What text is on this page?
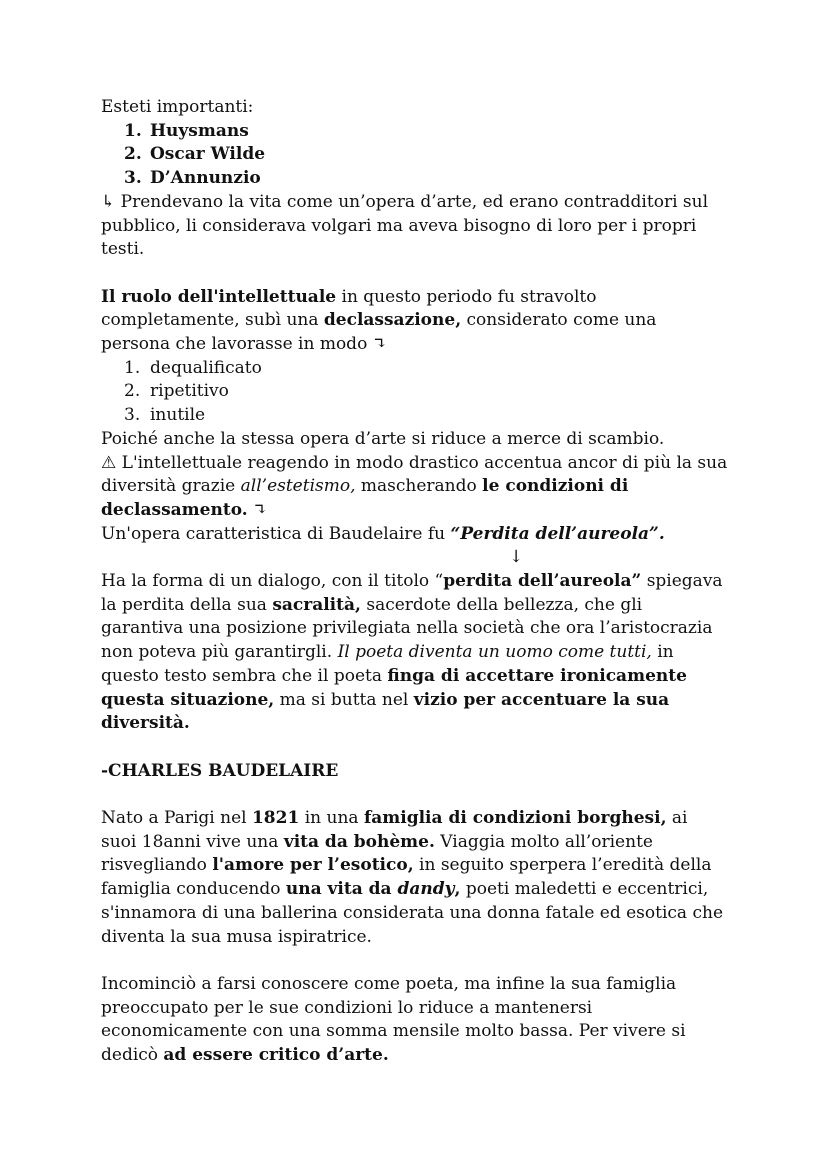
Esteti importanti:

1. Huysmans
2. Oscar Wilde
3. D’Annunzio

↳ Prendevano la vita come un’opera d’arte, ed erano contradditori sul pubblico, li considerava volgari ma aveva bisogno di loro per i propri testi.

Il ruolo dell'intellettuale in questo periodo fu stravolto completamente, subì una declassazione, considerato come una persona che lavorasse in modo ↴

1. dequalificato
2. ripetitivo
3. inutile

Poiché anche la stessa opera d’arte si riduce a merce di scambio.

⚠ L'intellettuale reagendo in modo drastico accentua ancor di più la sua diversità grazie all’estetismo, mascherando le condizioni di declassamento. ↴

Un'opera caratteristica di Baudelaire fu “Perdita dell’aureola”.

↓

Ha la forma di un dialogo, con il titolo “perdita dell’aureola” spiegava la perdita della sua sacralità, sacerdote della bellezza, che gli garantiva una posizione privilegiata nella società che ora l’aristocrazia non poteva più garantirgli. Il poeta diventa un uomo come tutti, in questo testo sembra che il poeta finga di accettare ironicamente questa situazione, ma si butta nel vizio per accentuare la sua diversità.

-CHARLES BAUDELAIRE

Nato a Parigi nel 1821 in una famiglia di condizioni borghesi, ai suoi 18anni vive una vita da bohème. Viaggia molto all’oriente risvegliando l'amore per l’esotico, in seguito sperpera l’eredità della famiglia conducendo una vita da dandy, poeti maledetti e eccentrici, s'innamora di una ballerina considerata una donna fatale ed esotica che diventa la sua musa ispiratrice.

Incominciò a farsi conoscere come poeta, ma infine la sua famiglia preoccupato per le sue condizioni lo riduce a mantenersi economicamente con una somma mensile molto bassa. Per vivere si dedicò ad essere critico d’arte.
